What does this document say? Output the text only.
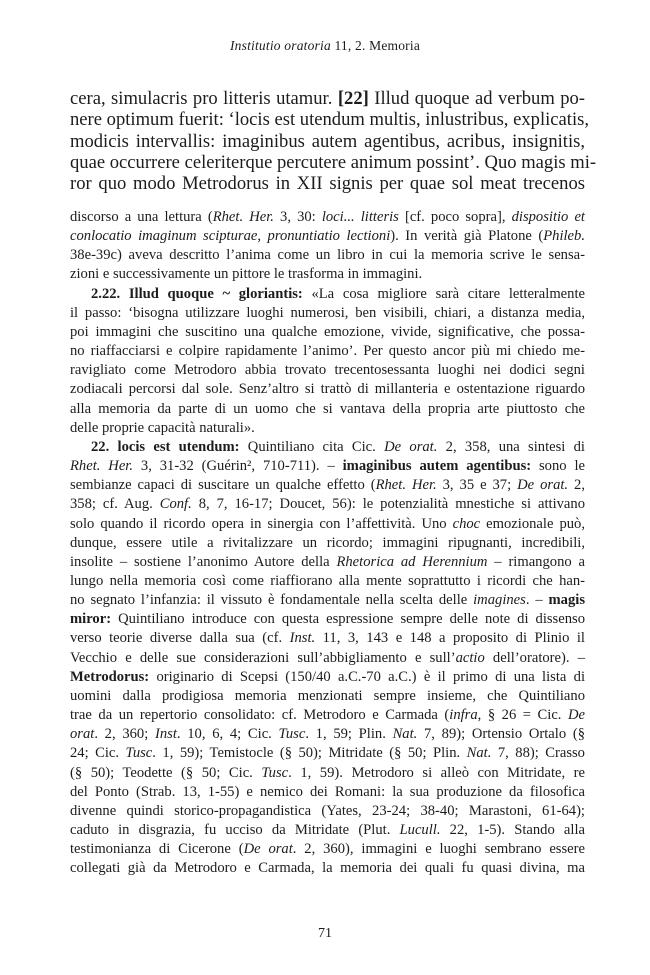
Institutio oratoria 11, 2. Memoria
cera, simulacris pro litteris utamur. [22] Illud quoque ad verbum po-
nere optimum fuerit: ‘locis est utendum multis, inlustribus, explicatis,
modicis intervallis: imaginibus autem agentibus, acribus, insignitis,
quae occurrere celeriterque percutere animum possint’. Quo magis mi-
ror quo modo Metrodorus in XII signis per quae sol meat trecenos
discorso a una lettura (Rhet. Her. 3, 30: loci... litteris [cf. poco sopra], dispositio et
conlocatio imaginum scipturae, pronuntiatio lectioni). In verità già Platone (Phileb.
38e-39c) aveva descritto l’anima come un libro in cui la memoria scrive le sensa-
zioni e successivamente un pittore le trasforma in immagini.
2.22. Illud quoque ~ gloriantis: «La cosa migliore sarà citare letteralmente
il passo: ‘bisogna utilizzare luoghi numerosi, ben visibili, chiari, a distanza media,
poi immagini che suscitino una qualche emozione, vivide, significative, che possa-
no riaffacciarsi e colpire rapidamente l’animo’. Per questo ancor più mi chiedo me-
ravigliato come Metrodoro abbia trovato trecentosessanta luoghi nei dodici segni
zodiacali percorsi dal sole. Senz’altro si trattò di millanteria e ostentazione riguardo
alla memoria da parte di un uomo che si vantava della propria arte piuttosto che
delle proprie capacità naturali».
22. locis est utendum: Quintiliano cita Cic. De orat. 2, 358, una sintesi di
Rhet. Her. 3, 31-32 (Guérin², 710-711). – imaginibus autem agentibus: sono le
sembianze capaci di suscitare un qualche effetto (Rhet. Her. 3, 35 e 37; De orat. 2,
358; cf. Aug. Conf. 8, 7, 16-17; Doucet, 56): le potenzialità mnestiche si attivano
solo quando il ricordo opera in sinergia con l’affettività. Uno choc emozionale può,
dunque, essere utile a rivitalizzare un ricordo; immagini ripugnanti, incredibili,
insolite – sostiene l’anonimo Autore della Rhetorica ad Herennium – rimangono a
lungo nella memoria così come riaffiorano alla mente soprattutto i ricordi che han-
no segnato l’infanzia: il vissuto è fondamentale nella scelta delle imagines. – magis
miror: Quintiliano introduce con questa espressione sempre delle note di dissenso
verso teorie diverse dalla sua (cf. Inst. 11, 3, 143 e 148 a proposito di Plinio il
Vecchio e delle sue considerazioni sull’abbigliamento e sull’actio dell’oratore). –
Metrodorus: originario di Scepsi (150/40 a.C.-70 a.C.) è il primo di una lista di
uomini dalla prodigiosa memoria menzionati sempre insieme, che Quintiliano
trae da un repertorio consolidato: cf. Metrodoro e Carmada (infra, § 26 = Cic. De
orat. 2, 360; Inst. 10, 6, 4; Cic. Tusc. 1, 59; Plin. Nat. 7, 89); Ortensio Ortalo (§
24; Cic. Tusc. 1, 59); Temistocle (§ 50); Mitridate (§ 50; Plin. Nat. 7, 88); Crasso
(§ 50); Teodette (§ 50; Cic. Tusc. 1, 59). Metrodoro si alleò con Mitridate, re
del Ponto (Strab. 13, 1-55) e nemico dei Romani: la sua produzione da filosofica
divenne quindi storico-propagandistica (Yates, 23-24; 38-40; Marastoni, 61-64);
caduto in disgrazia, fu ucciso da Mitridate (Plut. Lucull. 22, 1-5). Stando alla
testimonianza di Cicerone (De orat. 2, 360), immagini e luoghi sembrano essere
collegati già da Metrodoro e Carmada, la memoria dei quali fu quasi divina, ma
71
